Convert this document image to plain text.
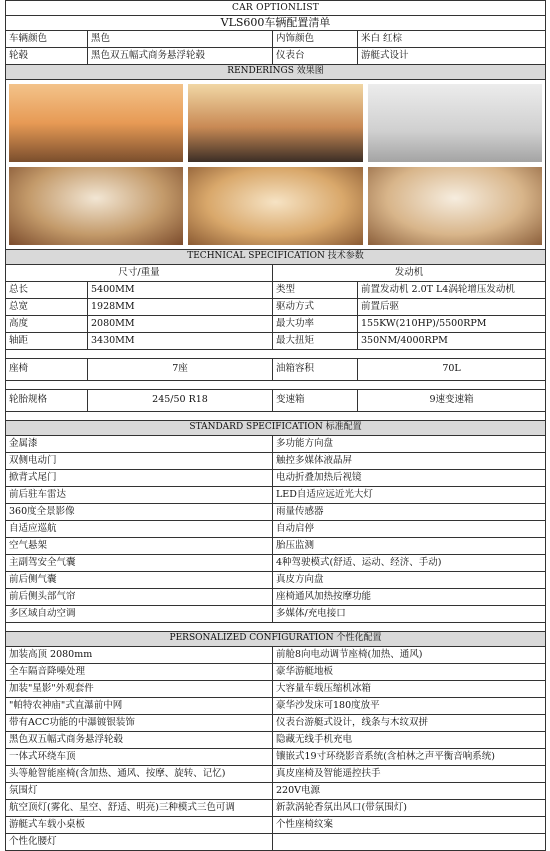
CAR OPTIONLIST			
VLS600车辆配置清单			
车辆颜色	黑色	内饰颜色	米白 红棕
轮毂	黑色双五幅式商务悬浮轮毂	仪表台	游艇式设计
RENDERINGS 效果图			

TECHNICAL SPECIFICATION 技术参数			
尺寸/重量		发动机	
总长	5400MM	类型	前置发动机 2.0T L4涡轮增压发动机
总宽	1928MM	驱动方式	前置后驱
高度	2080MM	最大功率	155KW(210HP)/5500RPM
轴距	3430MM	最大扭矩	350NM/4000RPM

座椅	7座	油箱容积	70L

轮胎规格	245/50 R18	变速箱	9速变速箱

STANDARD SPECIFICATION 标准配置			
金属漆		多功能方向盘	
双侧电动门		触控多媒体液晶屏	
掀背式尾门		电动折叠加热后视镜	
前后驻车雷达		LED自适应远近光大灯	
360度全景影像		雨量传感器	
自适应巡航		自动启停	
空气悬架		胎压监测	
主副驾安全气囊		4种驾驶模式(舒适、运动、经济、手动)	
前后侧气囊		真皮方向盘	
前后侧头部气帘		座椅通风加热按摩功能	
多区域自动空调		多媒体/充电接口	

PERSONALIZED CONFIGURATION 个性化配置			
加装高顶 2080mm		前舱8向电动调节座椅(加热、通风)	
全车隔音降噪处理		豪华游艇地板	
加装"星影"外观套件		大容量车载压缩机冰箱	
"帕特农神庙"式直瀑前中网		豪华沙发床可180度放平	
带有ACC功能的中瀑镀银装饰		仪表台游艇式设计，线条与木纹双拼	
黑色双五幅式商务悬浮轮毂		隐藏无线手机充电	
一体式环绕车顶		镶嵌式19寸环绕影音系统(含柏林之声平衡音响系统)	
头等舱智能座椅(含加热、通风、按摩、旋转、记忆)		真皮座椅及智能遥控扶手	
氛围灯		220V电源	
航空顶灯(雾化、星空、舒适、明亮)三种模式三色可调		新款涡轮香氛出风口(带氛围灯)	
游艇式车载小桌板		个性座椅纹案	
个性化腰灯			
